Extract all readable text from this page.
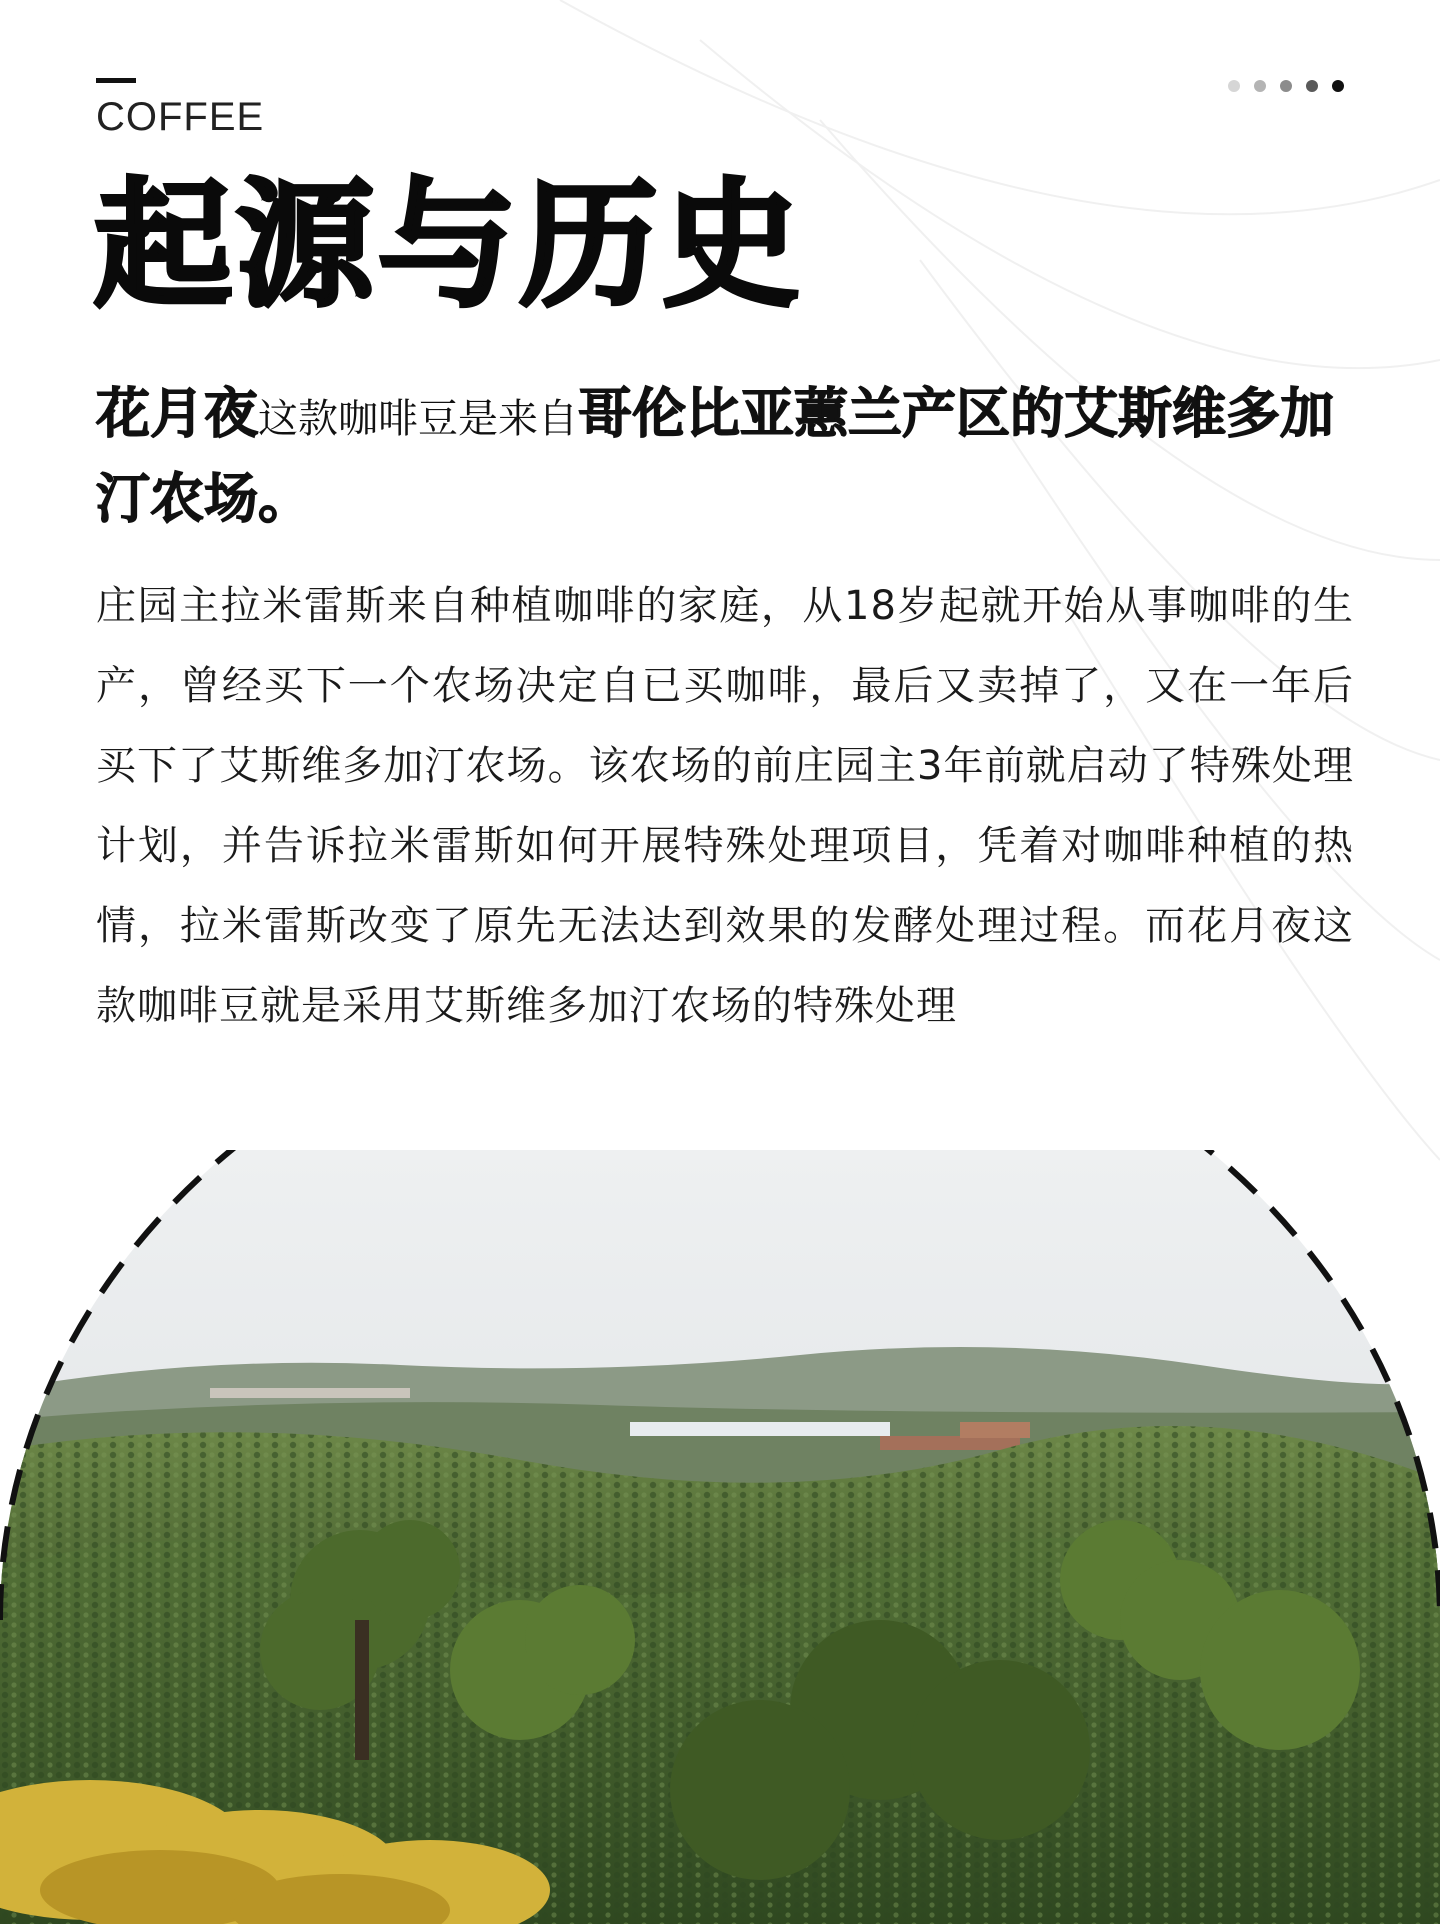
COFFEE
起源与历史

花月夜这款咖啡豆是来自哥伦比亚蕙兰产区的艾斯维多加汀农场。

庄园主拉米雷斯来自种植咖啡的家庭，从18岁起就开始从事咖啡的生产，曾经买下一个农场决定自已买咖啡，最后又卖掉了，又在一年后买下了艾斯维多加汀农场。该农场的前庄园主3年前就启动了特殊处理计划，并告诉拉米雷斯如何开展特殊处理项目，凭着对咖啡种植的热情，拉米雷斯改变了原先无法达到效果的发酵处理过程。而花月夜这款咖啡豆就是采用艾斯维多加汀农场的特殊处理
